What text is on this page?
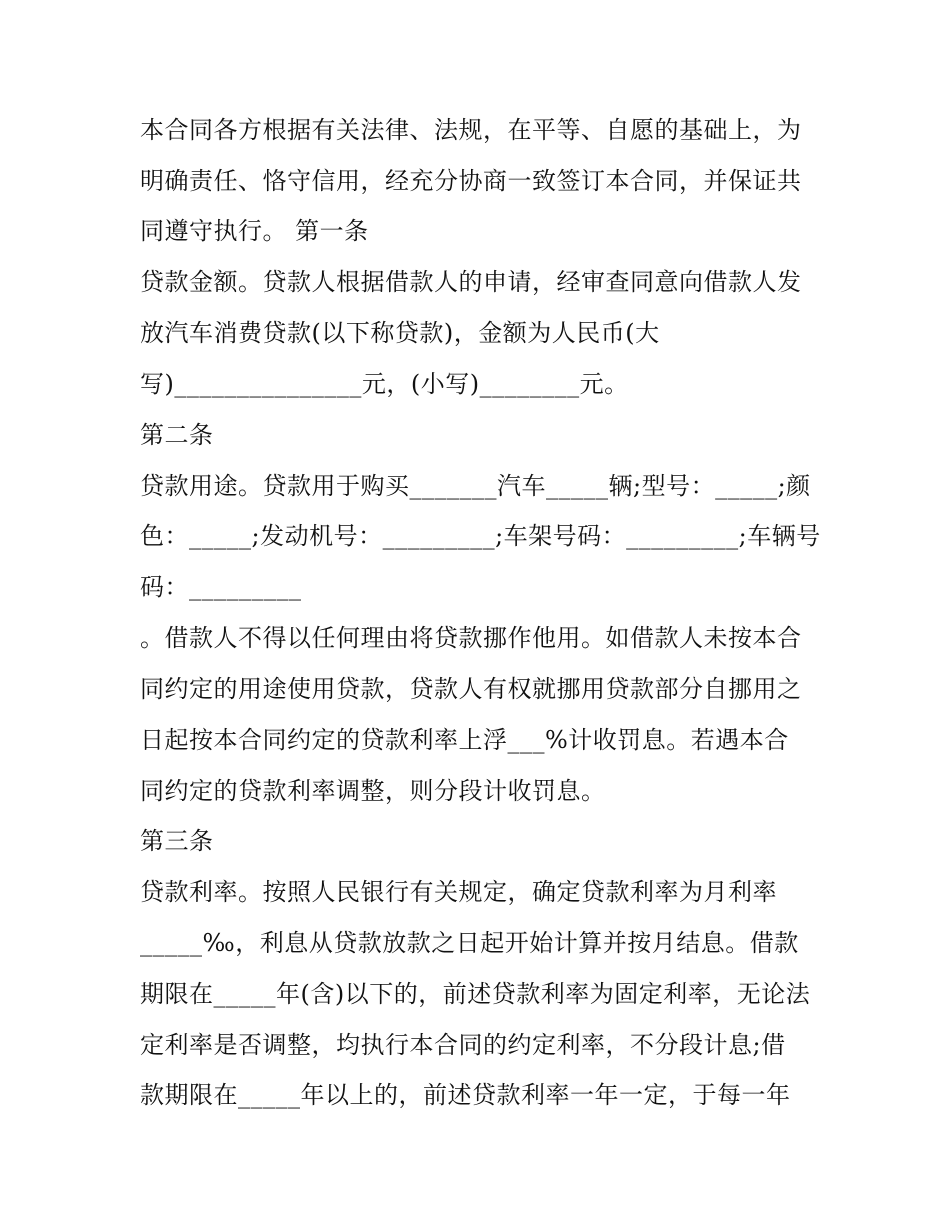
本合同各方根据有关法律、法规，在平等、自愿的基础上，为
明确责任、恪守信用，经充分协商一致签订本合同，并保证共
同遵守执行。 第一条
贷款金额。贷款人根据借款人的申请，经审查同意向借款人发
放汽车消费贷款(以下称贷款)，金额为人民币(大
写)_______________元，(小写)________元。
第二条
贷款用途。贷款用于购买_______汽车_____辆;型号：_____;颜
色：_____;发动机号：_________;车架号码：_________;车辆号
码：_________
。借款人不得以任何理由将贷款挪作他用。如借款人未按本合
同约定的用途使用贷款，贷款人有权就挪用贷款部分自挪用之
日起按本合同约定的贷款利率上浮___%计收罚息。若遇本合
同约定的贷款利率调整，则分段计收罚息。
第三条
贷款利率。按照人民银行有关规定，确定贷款利率为月利率
_____‰，利息从贷款放款之日起开始计算并按月结息。借款
期限在_____年(含)以下的，前述贷款利率为固定利率，无论法
定利率是否调整，均执行本合同的约定利率，不分段计息;借
款期限在_____年以上的，前述贷款利率一年一定，于每一年
